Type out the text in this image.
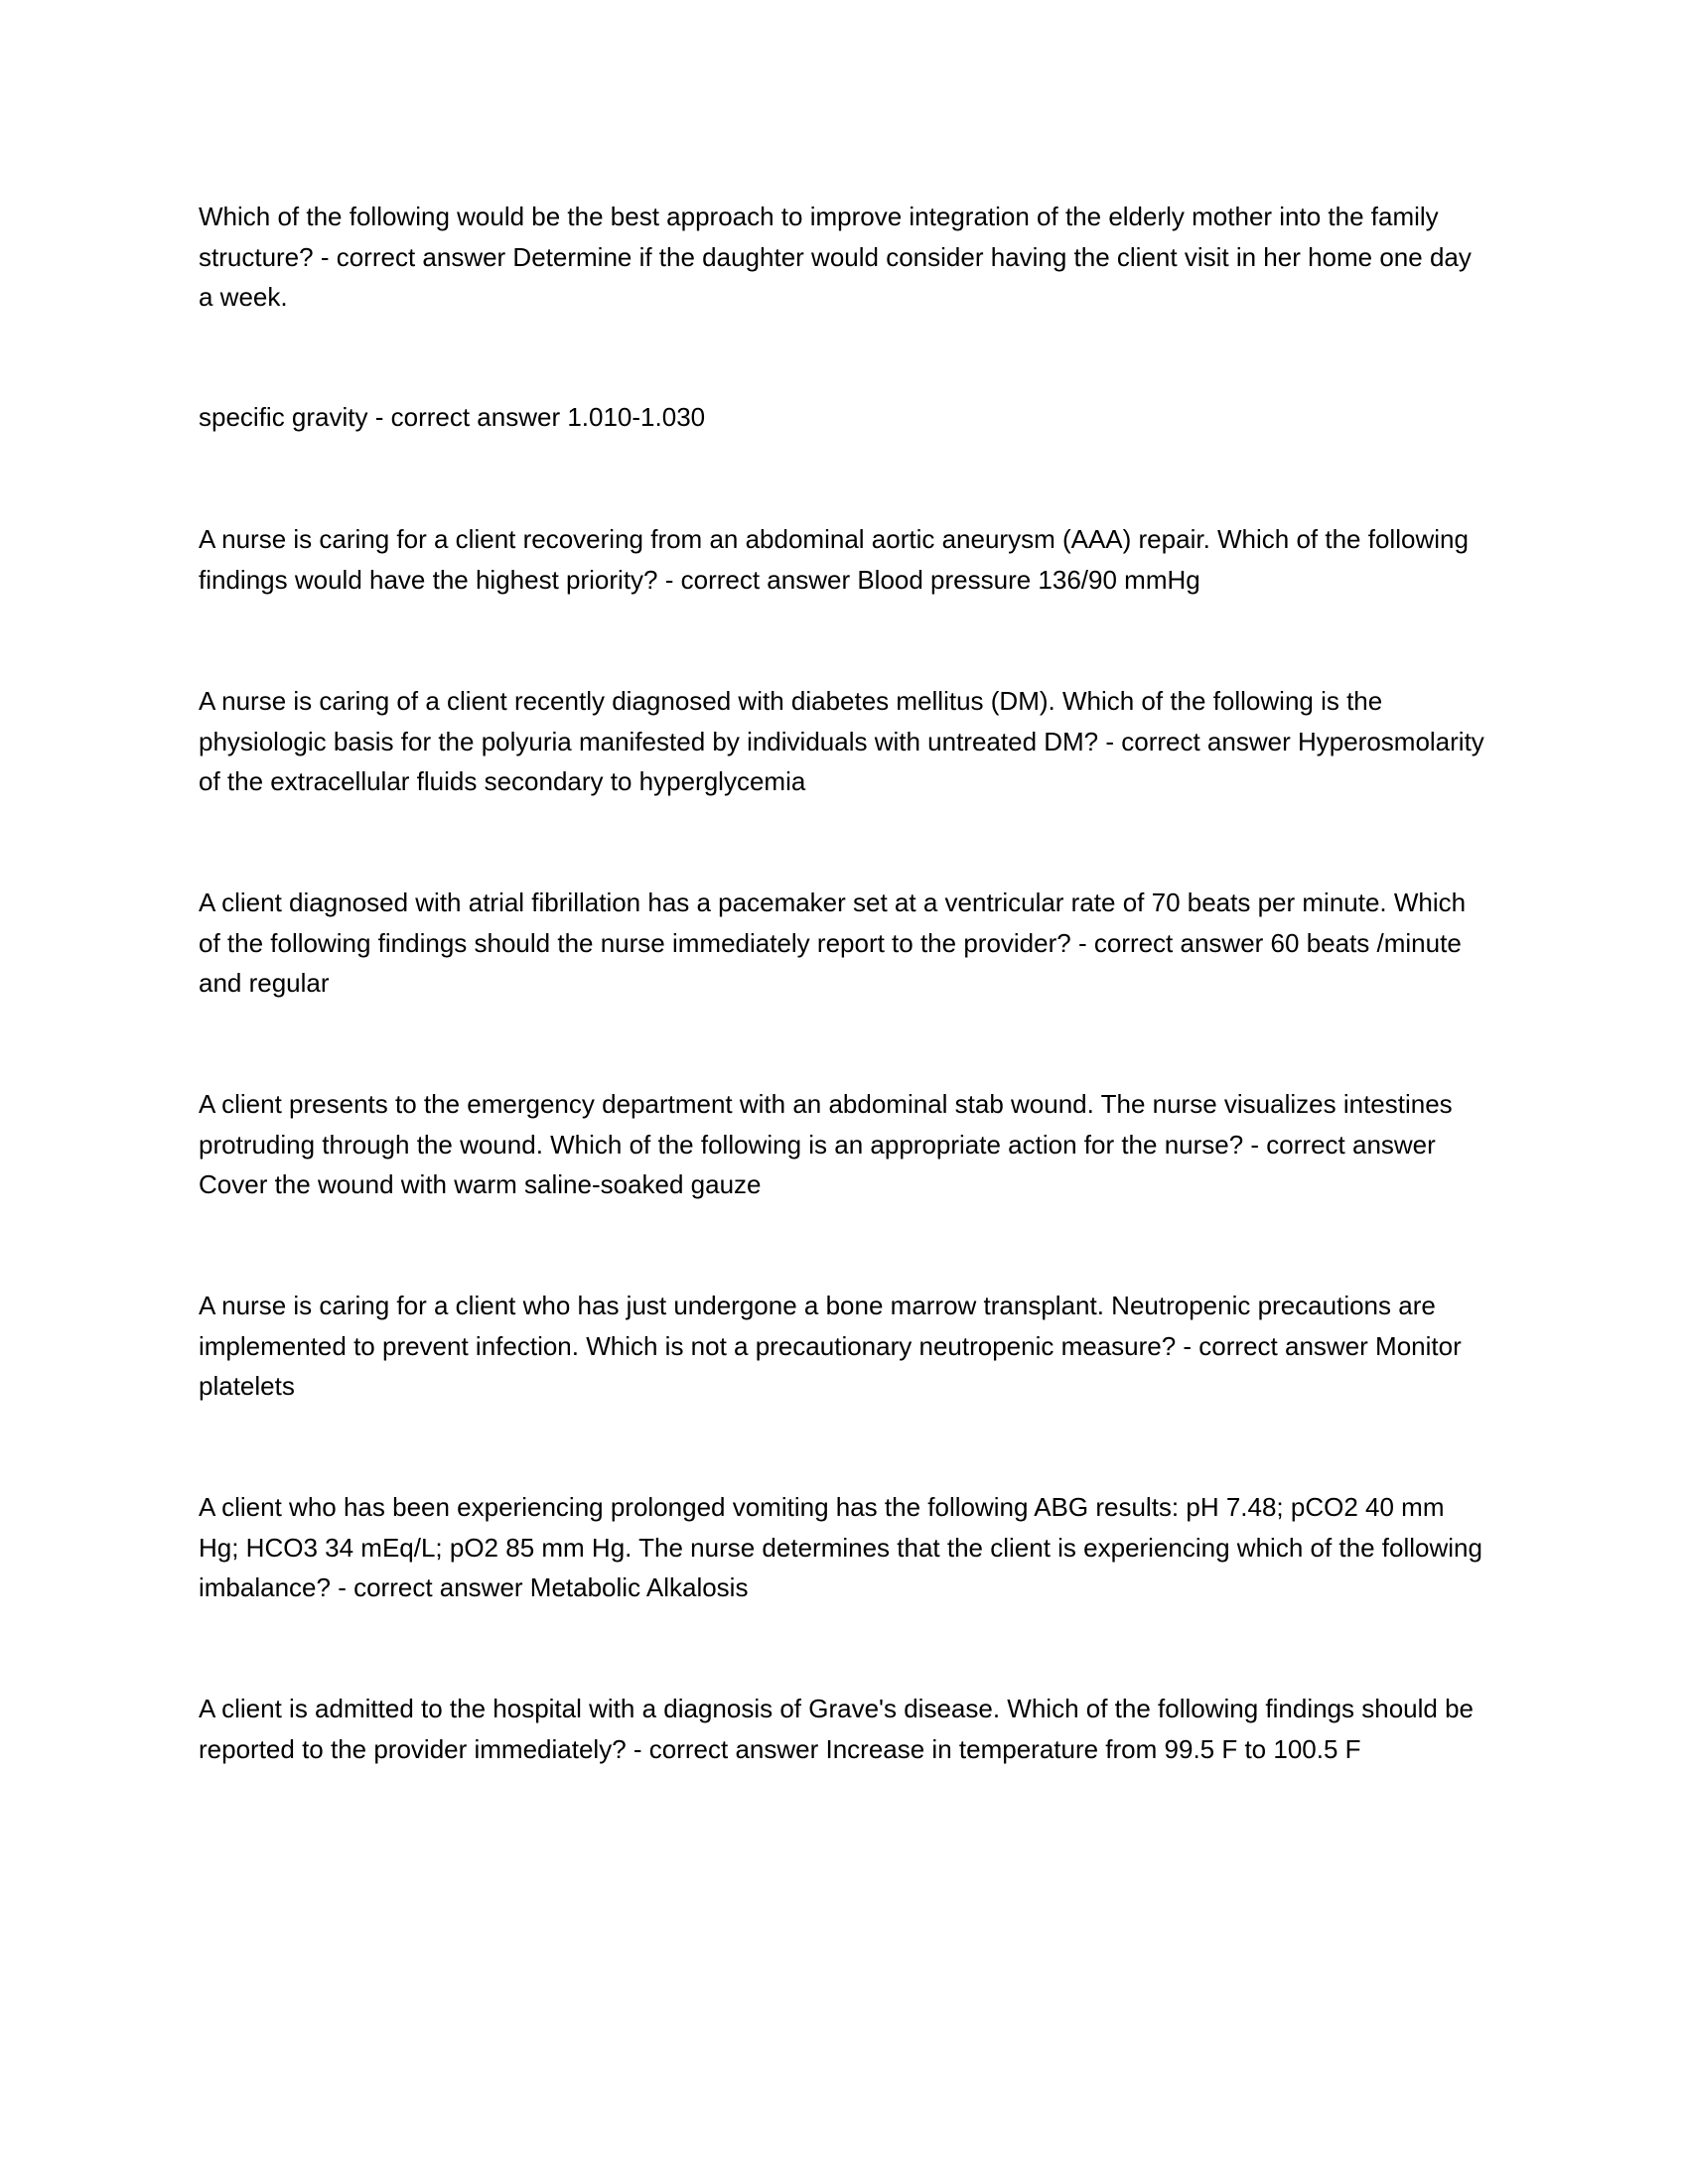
Which of the following would be the best approach to improve integration of the elderly mother into the family structure? - correct answer Determine if the daughter would consider having the client visit in her home one day a week.

specific gravity - correct answer 1.010-1.030

A nurse is caring for a client recovering from an abdominal aortic aneurysm (AAA) repair. Which of the following findings would have the highest priority? - correct answer Blood pressure 136/90 mmHg

A nurse is caring of a client recently diagnosed with diabetes mellitus (DM). Which of the following is the physiologic basis for the polyuria manifested by individuals with untreated DM? - correct answer Hyperosmolarity of the extracellular fluids secondary to hyperglycemia

A client diagnosed with atrial fibrillation has a pacemaker set at a ventricular rate of 70 beats per minute. Which of the following findings should the nurse immediately report to the provider? - correct answer 60 beats /minute and regular

A client presents to the emergency department with an abdominal stab wound. The nurse visualizes intestines protruding through the wound. Which of the following is an appropriate action for the nurse? - correct answer Cover the wound with warm saline-soaked gauze

A nurse is caring for a client who has just undergone a bone marrow transplant. Neutropenic precautions are implemented to prevent infection. Which is not a precautionary neutropenic measure? - correct answer Monitor platelets

A client who has been experiencing prolonged vomiting has the following ABG results: pH 7.48; pCO2 40 mm Hg; HCO3 34 mEq/L; pO2 85 mm Hg. The nurse determines that the client is experiencing which of the following imbalance? - correct answer Metabolic Alkalosis

A client is admitted to the hospital with a diagnosis of Grave's disease. Which of the following findings should be reported to the provider immediately? - correct answer Increase in temperature from 99.5 F to 100.5 F
